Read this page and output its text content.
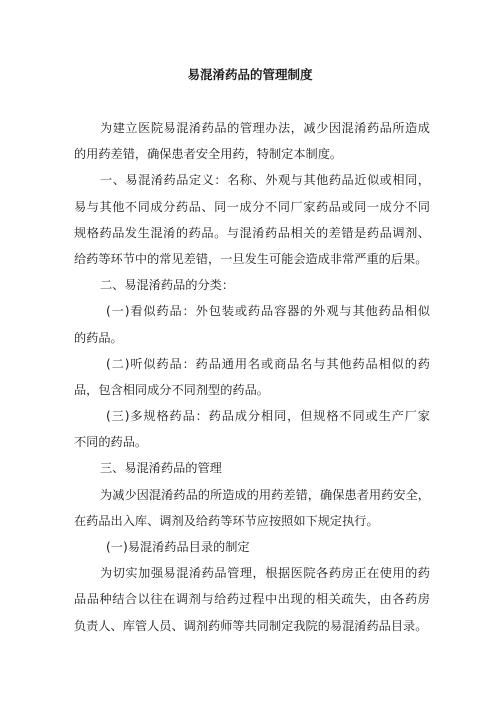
易混淆药品的管理制度
为建立医院易混淆药品的管理办法，减少因混淆药品所造成
的用药差错，确保患者安全用药，特制定本制度。
一、易混淆药品定义：名称、外观与其他药品近似或相同，
易与其他不同成分药品、同一成分不同厂家药品或同一成分不同
规格药品发生混淆的药品。与混淆药品相关的差错是药品调剂、
给药等环节中的常见差错，一旦发生可能会造成非常严重的后果。
二、易混淆药品的分类：
(一)看似药品：外包装或药品容器的外观与其他药品相似
的药品。
(二)听似药品：药品通用名或商品名与其他药品相似的药
品，包含相同成分不同剂型的药品。
(三)多规格药品：药品成分相同，但规格不同或生产厂家
不同的药品。
三、易混淆药品的管理
为减少因混淆药品的所造成的用药差错，确保患者用药安全，
在药品出入库、调剂及给药等环节应按照如下规定执行。
(一)易混淆药品目录的制定
为切实加强易混淆药品管理，根据医院各药房正在使用的药
品品种结合以往在调剂与给药过程中出现的相关疏失，由各药房
负责人、库管人员、调剂药师等共同制定我院的易混淆药品目录。
